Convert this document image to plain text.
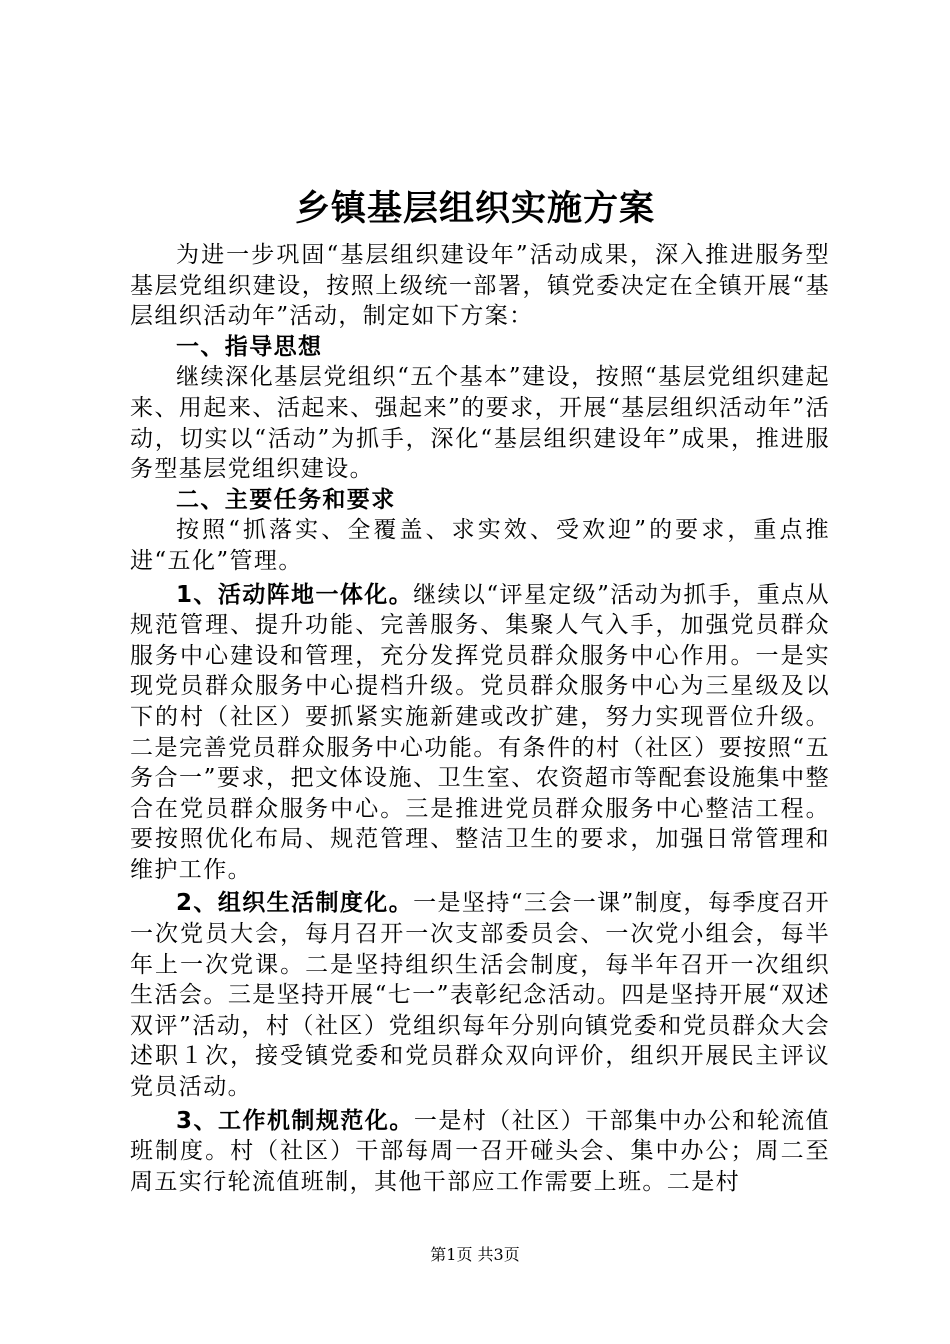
乡镇基层组织实施方案

为进一步巩固“基层组织建设年”活动成果，深入推进服务型基层党组织建设，按照上级统一部署，镇党委决定在全镇开展“基层组织活动年”活动，制定如下方案：

一、指导思想

继续深化基层党组织“五个基本”建设，按照“基层党组织建起来、用起来、活起来、强起来”的要求，开展“基层组织活动年”活动，切实以“活动”为抓手，深化“基层组织建设年”成果，推进服务型基层党组织建设。

二、主要任务和要求

按照“抓落实、全覆盖、求实效、受欢迎”的要求，重点推进“五化”管理。

1、活动阵地一体化。继续以“评星定级”活动为抓手，重点从规范管理、提升功能、完善服务、集聚人气入手，加强党员群众服务中心建设和管理，充分发挥党员群众服务中心作用。一是实现党员群众服务中心提档升级。党员群众服务中心为三星级及以下的村（社区）要抓紧实施新建或改扩建，努力实现晋位升级。二是完善党员群众服务中心功能。有条件的村（社区）要按照“五务合一”要求，把文体设施、卫生室、农资超市等配套设施集中整合在党员群众服务中心。三是推进党员群众服务中心整洁工程。要按照优化布局、规范管理、整洁卫生的要求，加强日常管理和维护工作。

2、组织生活制度化。一是坚持“三会一课”制度，每季度召开一次党员大会，每月召开一次支部委员会、一次党小组会，每半年上一次党课。二是坚持组织生活会制度，每半年召开一次组织生活会。三是坚持开展“七一”表彰纪念活动。四是坚持开展“双述双评”活动，村（社区）党组织每年分别向镇党委和党员群众大会述职１次，接受镇党委和党员群众双向评价，组织开展民主评议党员活动。

3、工作机制规范化。一是村（社区）干部集中办公和轮流值班制度。村（社区）干部每周一召开碰头会、集中办公；周二至周五实行轮流值班制，其他干部应工作需要上班。二是村

第1页 共3页
